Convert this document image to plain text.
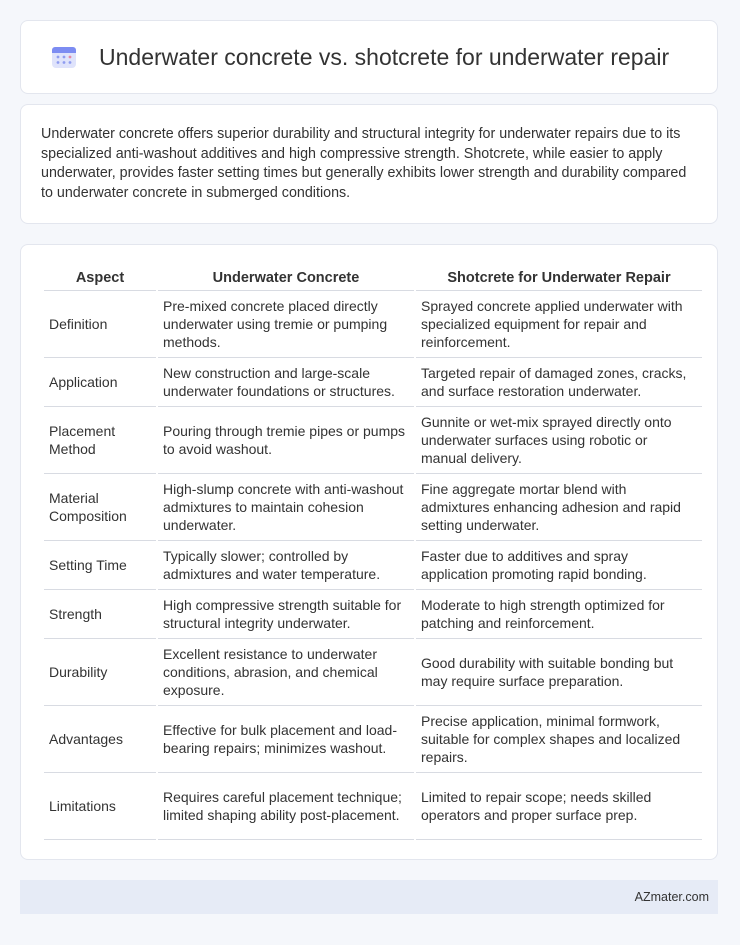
Underwater concrete vs. shotcrete for underwater repair

Underwater concrete offers superior durability and structural integrity for underwater repairs due to its specialized anti-washout additives and high compressive strength. Shotcrete, while easier to apply underwater, provides faster setting times but generally exhibits lower strength and durability compared to underwater concrete in submerged conditions.

Aspect	Underwater Concrete	Shotcrete for Underwater Repair
Definition	Pre-mixed concrete placed directly underwater using tremie or pumping methods.	Sprayed concrete applied underwater with specialized equipment for repair and reinforcement.
Application	New construction and large-scale underwater foundations or structures.	Targeted repair of damaged zones, cracks, and surface restoration underwater.
Placement Method	Pouring through tremie pipes or pumps to avoid washout.	Gunnite or wet-mix sprayed directly onto underwater surfaces using robotic or manual delivery.
Material Composition	High-slump concrete with anti-washout admixtures to maintain cohesion underwater.	Fine aggregate mortar blend with admixtures enhancing adhesion and rapid setting underwater.
Setting Time	Typically slower; controlled by admixtures and water temperature.	Faster due to additives and spray application promoting rapid bonding.
Strength	High compressive strength suitable for structural integrity underwater.	Moderate to high strength optimized for patching and reinforcement.
Durability	Excellent resistance to underwater conditions, abrasion, and chemical exposure.	Good durability with suitable bonding but may require surface preparation.
Advantages	Effective for bulk placement and load-bearing repairs; minimizes washout.	Precise application, minimal formwork, suitable for complex shapes and localized repairs.
Limitations	Requires careful placement technique; limited shaping ability post-placement.	Limited to repair scope; needs skilled operators and proper surface prep.
AZmater.com
